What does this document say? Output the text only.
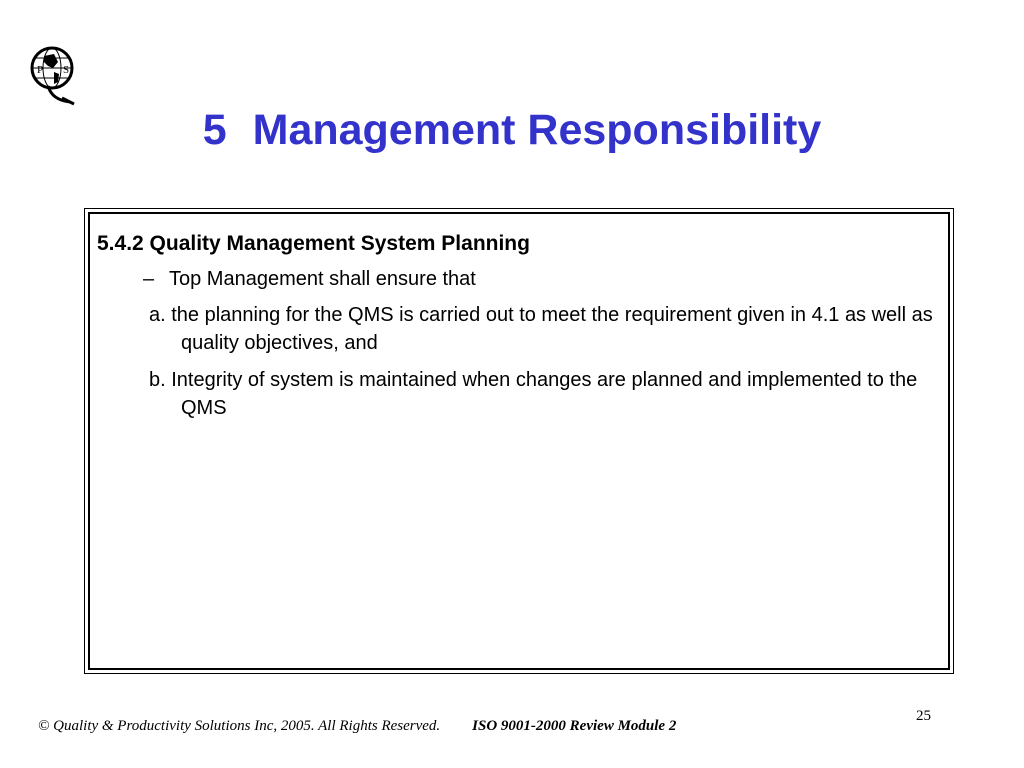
P S
5 Management Responsibility
5.4.2 Quality Management System Planning
– Top Management shall ensure that
a. the planning for the QMS is carried out to meet the requirement given in 4.1 as well as quality objectives, and
b. Integrity of system is maintained when changes are planned and implemented to the QMS
© Quality & Productivity Solutions Inc, 2005. All Rights Reserved. ISO 9001-2000 Review Module 2
25
